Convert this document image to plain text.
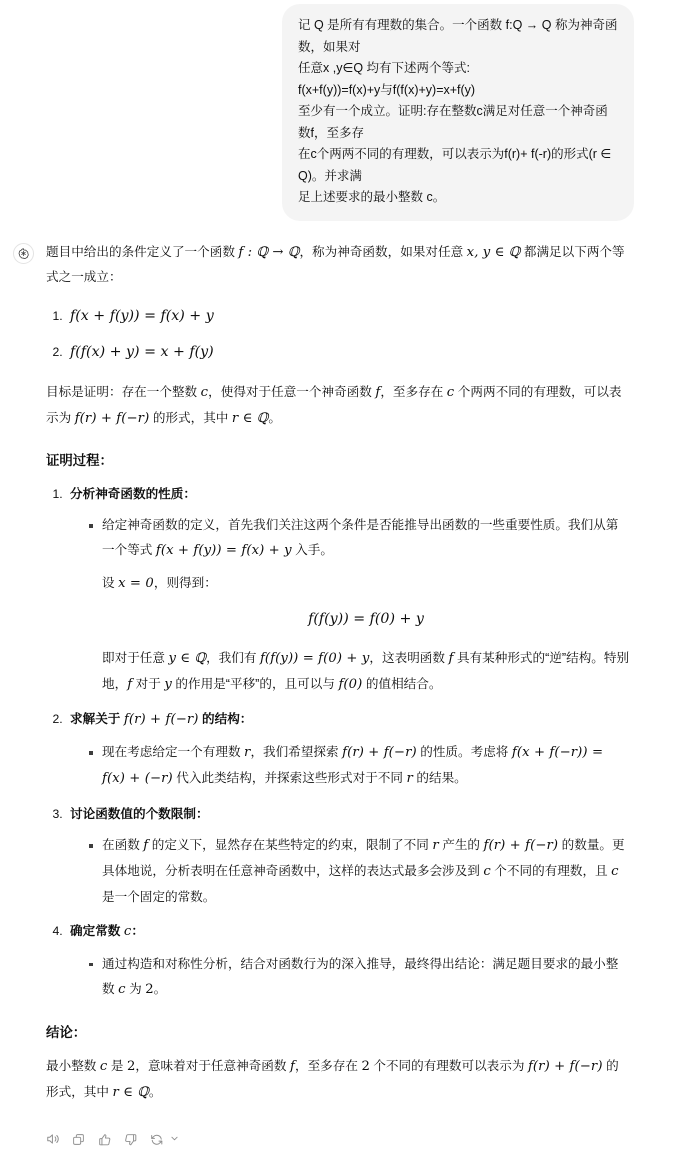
记 Q 是所有有理数的集合。一个函数 f:Q → Q 称为神奇函数，如果对
任意x ,y∈Q 均有下述两个等式:
f(x+f(y))=f(x)+y与f(f(x)+y)=x+f(y)
至少有一个成立。证明:存在整数c满足对任意一个神奇函数f，至多存
在c个两两不同的有理数，可以表示为f(r)+ f(-r)的形式(r ∈ Q)。并求满
足上述要求的最小整数 c。

题目中给出的条件定义了一个函数 f : ℚ → ℚ，称为神奇函数，如果对任意 x, y ∈ ℚ 都满足以下两个等式之一成立：

1. f(x + f(y)) = f(x) + y
2. f(f(x) + y) = x + f(y)

目标是证明：存在一个整数 c，使得对于任意一个神奇函数 f，至多存在 c 个两两不同的有理数，可以表示为 f(r) + f(−r) 的形式，其中 r ∈ ℚ。

证明过程：
1. 分析神奇函数的性质：

给定神奇函数的定义，首先我们关注这两个条件是否能推导出函数的一些重要性质。我们从第一个等式 f(x + f(y)) = f(x) + y 入手。

设 x = 0，则得到：

f(f(y)) = f(0) + y

即对于任意 y ∈ ℚ，我们有 f(f(y)) = f(0) + y，这表明函数 f 具有某种形式的“逆”结构。特别地，f 对于 y 的作用是“平移”的，且可以与 f(0) 的值相结合。

2. 求解关于 f(r) + f(−r) 的结构：

现在考虑给定一个有理数 r，我们希望探索 f(r) + f(−r) 的性质。考虑将 f(x + f(−r)) = f(x) + (−r) 代入此类结构，并探索这些形式对于不同 r 的结果。

3. 讨论函数值的个数限制：

在函数 f 的定义下，显然存在某些特定的约束，限制了不同 r 产生的 f(r) + f(−r) 的数量。更具体地说，分析表明在任意神奇函数中，这样的表达式最多会涉及到 c 个不同的有理数，且 c 是一个固定的常数。

4. 确定常数 c：

通过构造和对称性分析，结合对函数行为的深入推导，最终得出结论：满足题目要求的最小整数 c 为 2。

结论：

最小整数 c 是 2，意味着对于任意神奇函数 f，至多存在 2 个不同的有理数可以表示为 f(r) + f(−r) 的形式，其中 r ∈ ℚ。
